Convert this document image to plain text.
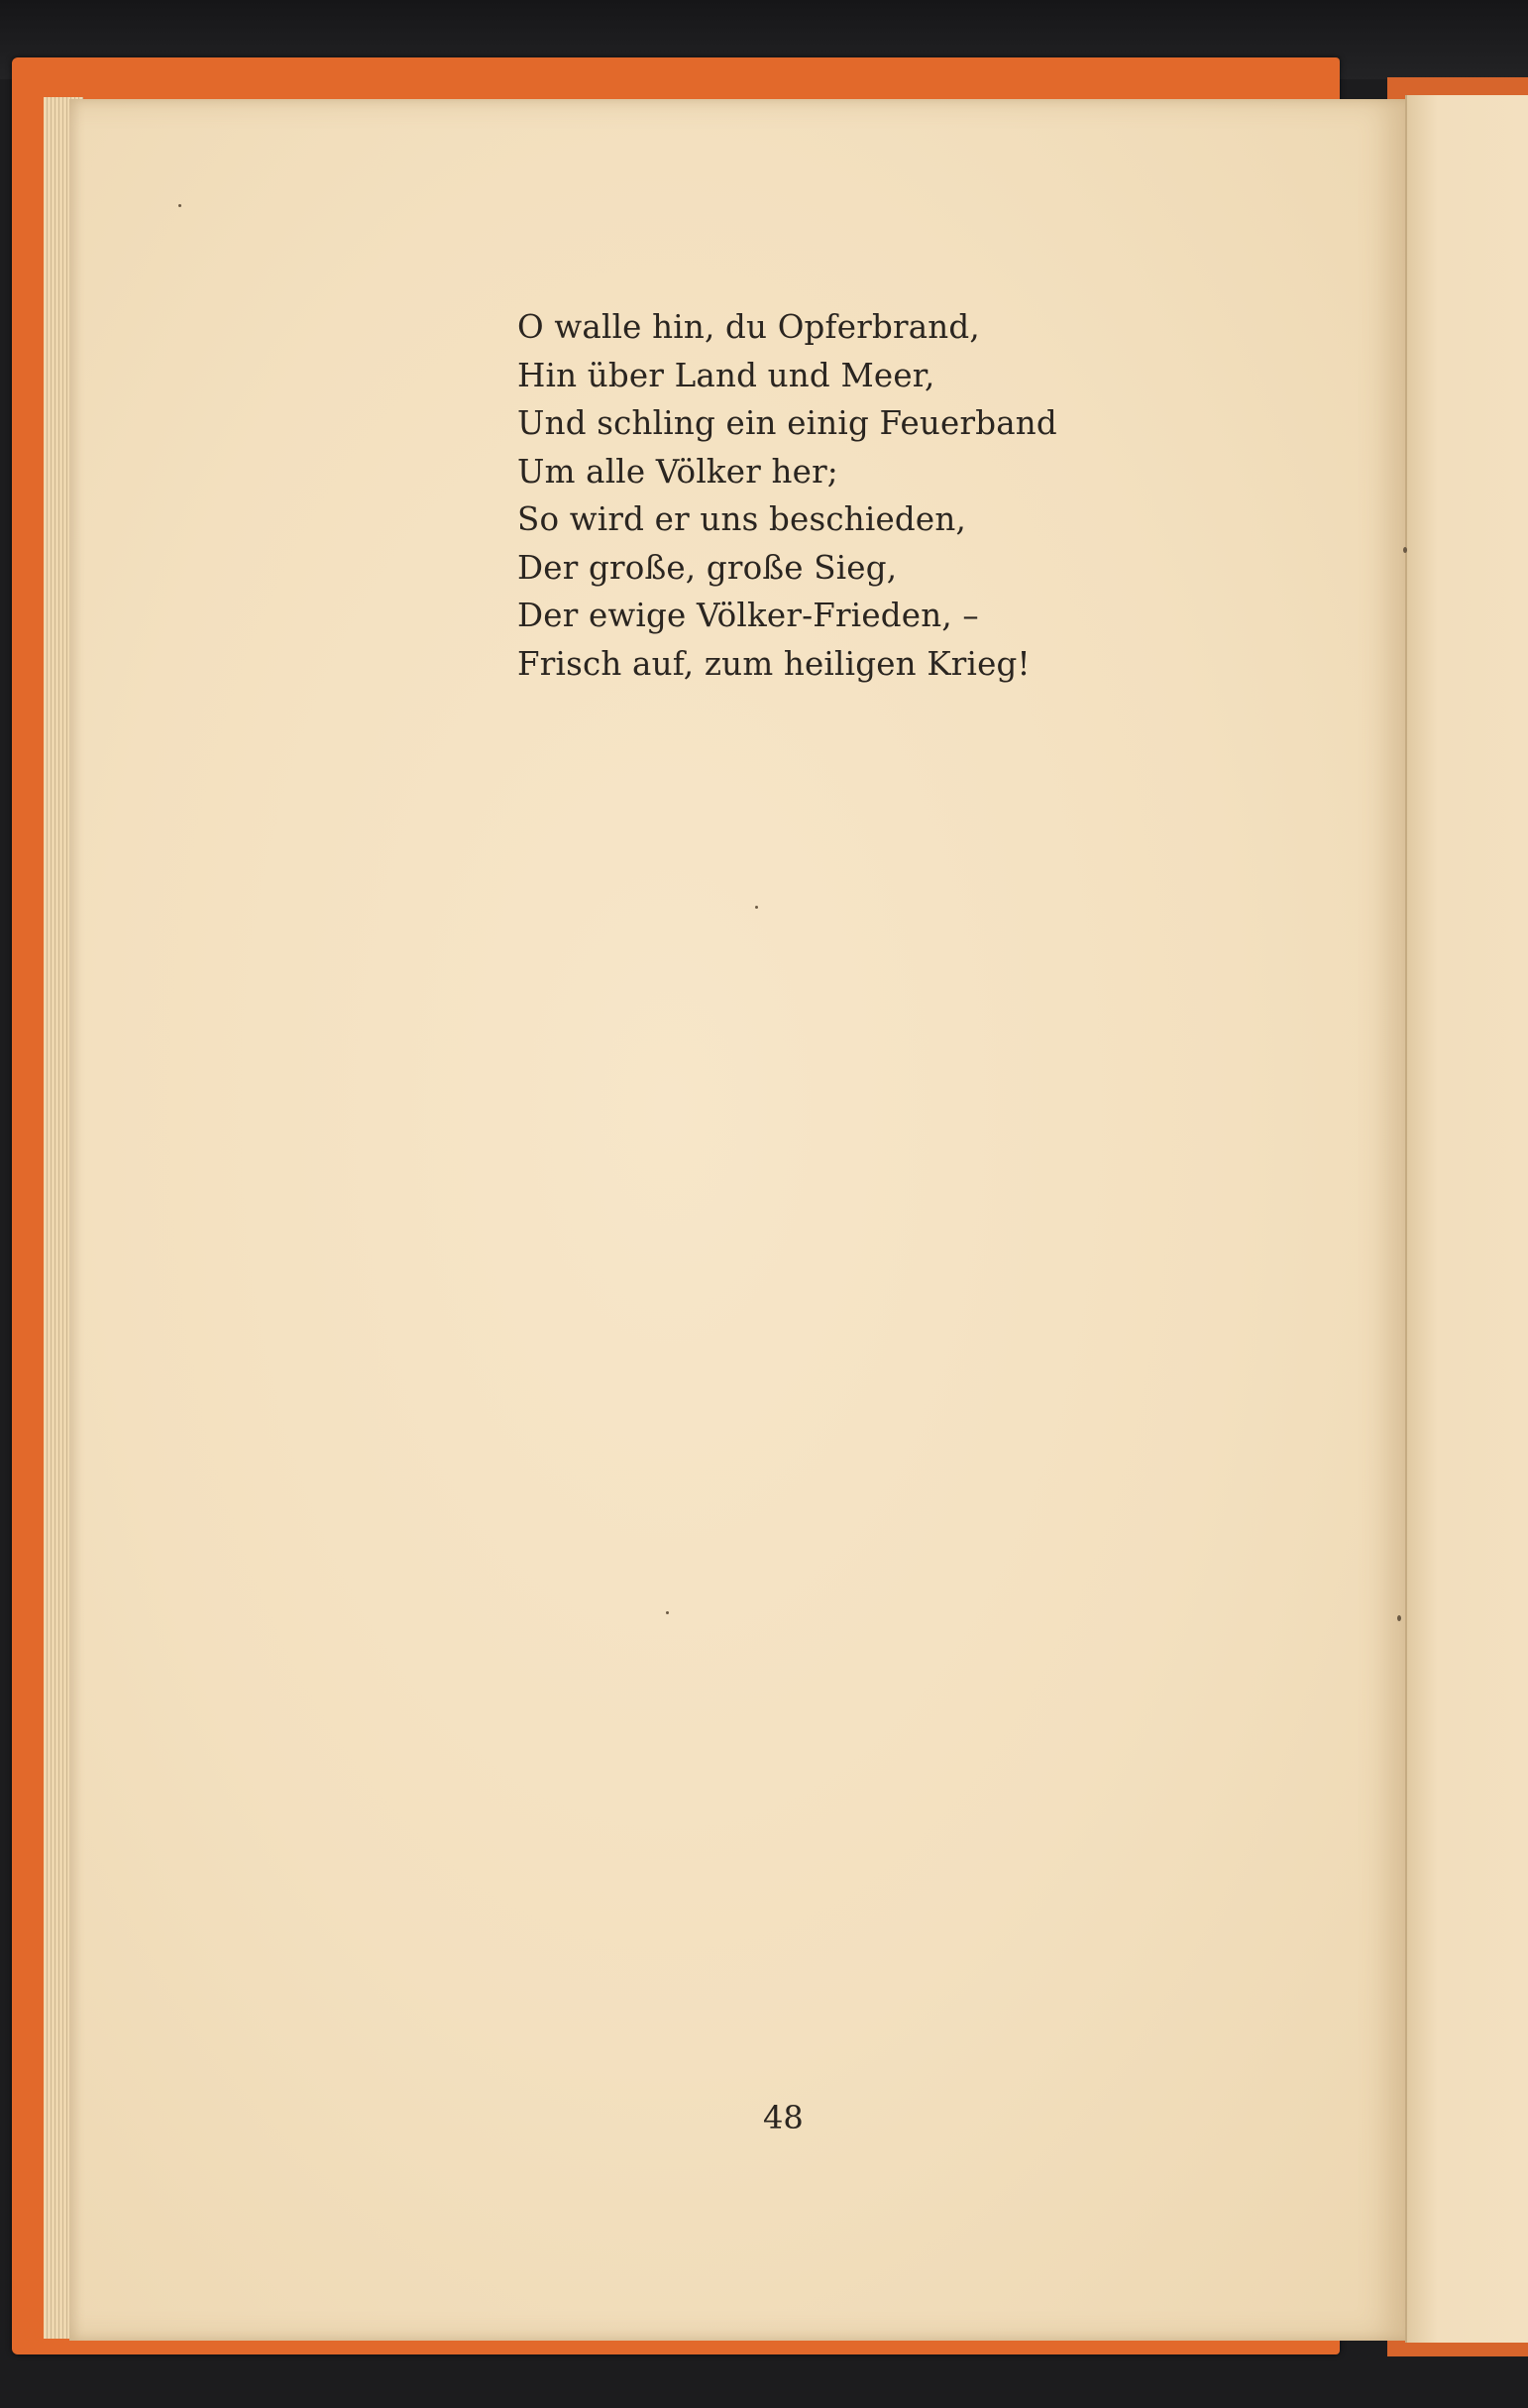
O walle hin, du Opferbrand,
Hin über Land und Meer,
Und schling ein einig Feuerband
Um alle Völker her;
So wird er uns beschieden,
Der große, große Sieg,
Der ewige Völker-Frieden, –
Frisch auf, zum heiligen Krieg!
48
